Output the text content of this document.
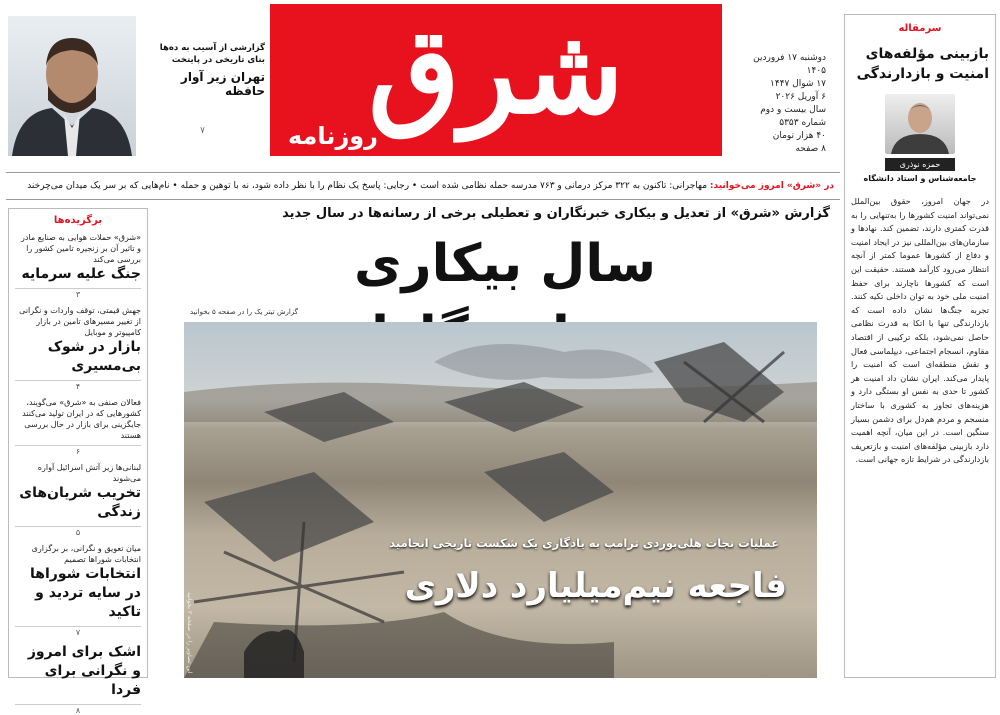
شرق
روزنامه
دوشنبه ۱۷ فروردین ۱۴۰۵
۱۷ شوال ۱۴۴۷
۶ آوریل ۲۰۲۶
سال بیست‌ و دوم
شماره ۵۳۵۳
۴۰ هزار تومان
۸ صفحه
گزارشی از آسیب به ده‌ها بنای تاریخی در پایتخت
تهران زیر آوار حافظه
۷
در «شرق» امروز می‌خوانید: مهاجرانی: تاکنون به ۳۲۲ مرکز درمانی و ۷۶۳ مدرسه حمله نظامی شده است • رجایی: پاسخ یک نظام را با نظر داده شود، نه با توهین و حمله • نام‌هایی که بر سر یک میدان می‌چرخند
برگزیده‌ها
«شرق» حملات هوایی به صنایع مادر و تاثیر آن بر زنجیره تامین کشور را بررسی می‌کند
جنگ علیه سرمایه
۳
جهش قیمتی، توقف واردات و نگرانی از تغییر مسیرهای تامین در بازار کامپیوتر و موبایل
بازار در شوک بی‌مسیری
۴
فعالان صنفی به «شرق» می‌گویند، کشورهایی که در ایران تولید می‌کنند جایگزینی برای بازار در حال بررسی هستند
۶
لبنانی‌ها زیر آتش اسرائیل آواره می‌شوند
تخریب شریان‌های زندگی
۵
میان تعویق و نگرانی، بر برگزاری انتخابات شوراها تصمیم
انتخابات شوراها در سایه تردید و تاکید
۷
اشک برای امروز و نگرانی برای فردا
۸
سرمقاله
بازبینی مؤلفه‌های امنیت و بازدارندگی
حمزه نوذری
جامعه‌شناس و استاد دانشگاه
در جهان امروز، حقوق بین‌الملل نمی‌تواند امنیت کشورها را به‌تنهایی را به قدرت کمتری دارند، تضمین کند. نهادها و سازمان‌های بین‌المللی نیز در ایجاد امنیت و دفاع از کشورها عموما کمتر از آنچه انتظار می‌رود کارآمد هستند. حقیقت این است که کشورها ناچارند برای حفظ امنیت ملی خود به توان داخلی تکیه کنند. تجربه جنگ‌ها نشان داده است که بازدارندگی تنها با اتکا به قدرت نظامی حاصل نمی‌شود، بلکه ترکیبی از اقتصاد مقاوم، انسجام اجتماعی، دیپلماسی فعال و نقش منطقه‌ای است که امنیت را پایدار می‌کند. ایران نشان داد امنیت هر کشور تا حدی به نفس او بستگی دارد و هزینه‌های تجاوز به کشوری با ساختار منسجم و مردم هم‌دل برای دشمن بسیار سنگین است. در این میان، آنچه اهمیت دارد بازبینی مؤلفه‌های امنیت و بازتعریف بازدارندگی در شرایط تازه جهانی است.
گزارش «شرق» از تعدیل و بیکاری خبرنگاران و تعطیلی برخی از رسانه‌ها در سال جدید
سال بیکاری
گزارش تیتر یک را در صفحه ۵ بخوانید
عملیات نجات هلی‌بوردی ترامپ به یادگاری یک شکست تاریخی انجامید
فاجعه نیم‌میلیارد دلاری
این تصاویر را در صفحه ۲ بخوانید
